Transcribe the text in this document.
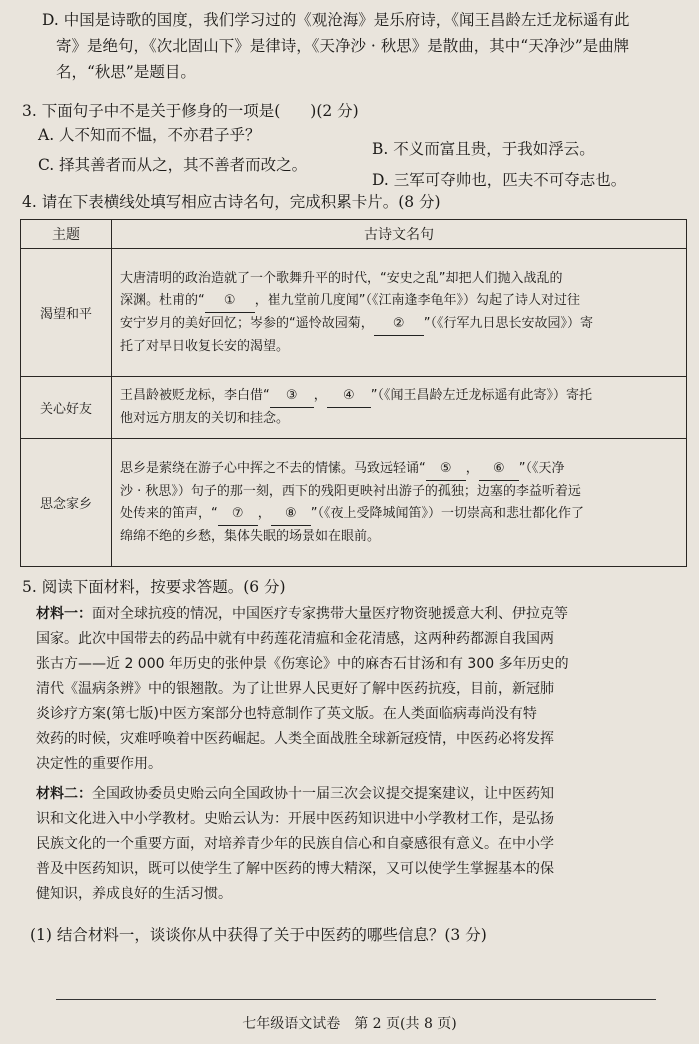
D. 中国是诗歌的国度，我们学习过的《观沧海》是乐府诗，《闻王昌龄左迁龙标遥有此
寄》是绝句，《次北固山下》是律诗，《天净沙 · 秋思》是散曲，其中“天净沙”是曲牌
名，“秋思”是题目。
3. 下面句子中不是关于修身的一项是( )(2 分)
A. 人不知而不愠，不亦君子乎？
B. 不义而富且贵，于我如浮云。
C. 择其善者而从之，其不善者而改之。
D. 三军可夺帅也，匹夫不可夺志也。
4. 请在下表横线处填写相应古诗名句，完成积累卡片。(8 分)
主题	古诗文名句
渴望和平	大唐清明的政治造就了一个歌舞升平的时代，“安史之乱”却把人们抛入战乱的
深渊。杜甫的“ ① ，崔九堂前几度闻”（《江南逢李龟年》）勾起了诗人对过往
安宁岁月的美好回忆；岑参的“遥怜故园菊， ② ”（《行军九日思长安故园》）寄
托了对早日收复长安的渴望。

关心好友	王昌龄被贬龙标，李白借“ ③ ， ④ ”（《闻王昌龄左迁龙标遥有此寄》）寄托
他对远方朋友的关切和挂念。

思念家乡	思乡是萦绕在游子心中挥之不去的情愫。马致远轻诵“ ⑤ ， ⑥ ”（《天净
沙 · 秋思》）句子的那一刻，西下的残阳更映衬出游子的孤独；边塞的李益听着远
处传来的笛声，“ ⑦ ， ⑧ ”（《夜上受降城闻笛》）一切崇高和悲壮都化作了
绵绵不绝的乡愁，集体失眠的场景如在眼前。
5. 阅读下面材料，按要求答题。(6 分)
材料一：面对全球抗疫的情况，中国医疗专家携带大量医疗物资驰援意大利、伊拉克等
国家。此次中国带去的药品中就有中药莲花清瘟和金花清感，这两种药都源自我国两
张古方——近 2 000 年历史的张仲景《伤寒论》中的麻杏石甘汤和有 300 多年历史的
清代《温病条辨》中的银翘散。为了让世界人民更好了解中医药抗疫，目前，新冠肺
炎诊疗方案(第七版)中医方案部分也特意制作了英文版。在人类面临病毒尚没有特
效药的时候，灾难呼唤着中医药崛起。人类全面战胜全球新冠疫情，中医药必将发挥
决定性的重要作用。
材料二：全国政协委员史贻云向全国政协十一届三次会议提交提案建议，让中医药知
识和文化进入中小学教材。史贻云认为：开展中医药知识进中小学教材工作，是弘扬
民族文化的一个重要方面，对培养青少年的民族自信心和自豪感很有意义。在中小学
普及中医药知识，既可以使学生了解中医药的博大精深，又可以使学生掌握基本的保
健知识，养成良好的生活习惯。
(1) 结合材料一，谈谈你从中获得了关于中医药的哪些信息？(3 分)
七年级语文试卷　第 2 页(共 8 页)
